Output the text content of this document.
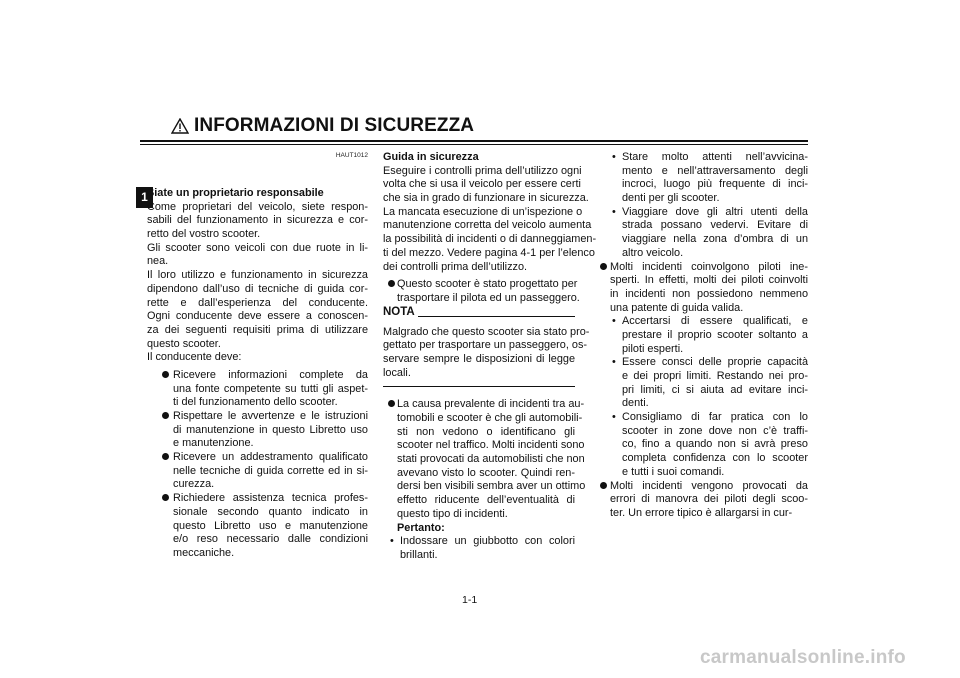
INFORMAZIONI DI SICUREZZA
1
HAUT1012
Siate un proprietario responsabile
Come proprietari del veicolo, siete respon-
sabili del funzionamento in sicurezza e cor-
retto del vostro scooter.
Gli scooter sono veicoli con due ruote in li-
nea.
Il loro utilizzo e funzionamento in sicurezza
dipendono dall’uso di tecniche di guida cor-
rette e dall’esperienza del conducente.
Ogni conducente deve essere a conoscen-
za dei seguenti requisiti prima di utilizzare
questo scooter.
Il conducente deve:
Ricevere informazioni complete da
una fonte competente su tutti gli aspet-
ti del funzionamento dello scooter.
Rispettare le avvertenze e le istruzioni
di manutenzione in questo Libretto uso
e manutenzione.
Ricevere un addestramento qualificato
nelle tecniche di guida corrette ed in si-
curezza.
Richiedere assistenza tecnica profes-
sionale secondo quanto indicato in
questo Libretto uso e manutenzione
e/o reso necessario dalle condizioni
meccaniche.
Guida in sicurezza
Eseguire i controlli prima dell’utilizzo ogni
volta che si usa il veicolo per essere certi
che sia in grado di funzionare in sicurezza.
La mancata esecuzione di un’ispezione o
manutenzione corretta del veicolo aumenta
la possibilità di incidenti o di danneggiamen-
ti del mezzo. Vedere pagina 4-1 per l’elenco
dei controlli prima dell’utilizzo.
Questo scooter è stato progettato per
trasportare il pilota ed un passeggero.
NOTA
Malgrado che questo scooter sia stato pro-
gettato per trasportare un passeggero, os-
servare sempre le disposizioni di legge
locali.
La causa prevalente di incidenti tra au-
tomobili e scooter è che gli automobili-
sti non vedono o identificano gli
scooter nel traffico. Molti incidenti sono
stati provocati da automobilisti che non
avevano visto lo scooter. Quindi ren-
dersi ben visibili sembra aver un ottimo
effetto riducente dell’eventualità di
questo tipo di incidenti.
Pertanto:
• Indossare un giubbotto con colori
brillanti.
• Stare molto attenti nell’avvicina-
mento e nell’attraversamento degli
incroci, luogo più frequente di inci-
denti per gli scooter.
• Viaggiare dove gli altri utenti della
strada possano vedervi. Evitare di
viaggiare nella zona d’ombra di un
altro veicolo.
Molti incidenti coinvolgono piloti ine-
sperti. In effetti, molti dei piloti coinvolti
in incidenti non possiedono nemmeno
una patente di guida valida.
• Accertarsi di essere qualificati, e
prestare il proprio scooter soltanto a
piloti esperti.
• Essere consci delle proprie capacità
e dei propri limiti. Restando nei pro-
pri limiti, ci si aiuta ad evitare inci-
denti.
• Consigliamo di far pratica con lo
scooter in zone dove non c’è traffi-
co, fino a quando non si avrà preso
completa confidenza con lo scooter
e tutti i suoi comandi.
Molti incidenti vengono provocati da
errori di manovra dei piloti degli scoo-
ter. Un errore tipico è allargarsi in cur-
1-1
carmanualsonline.info
